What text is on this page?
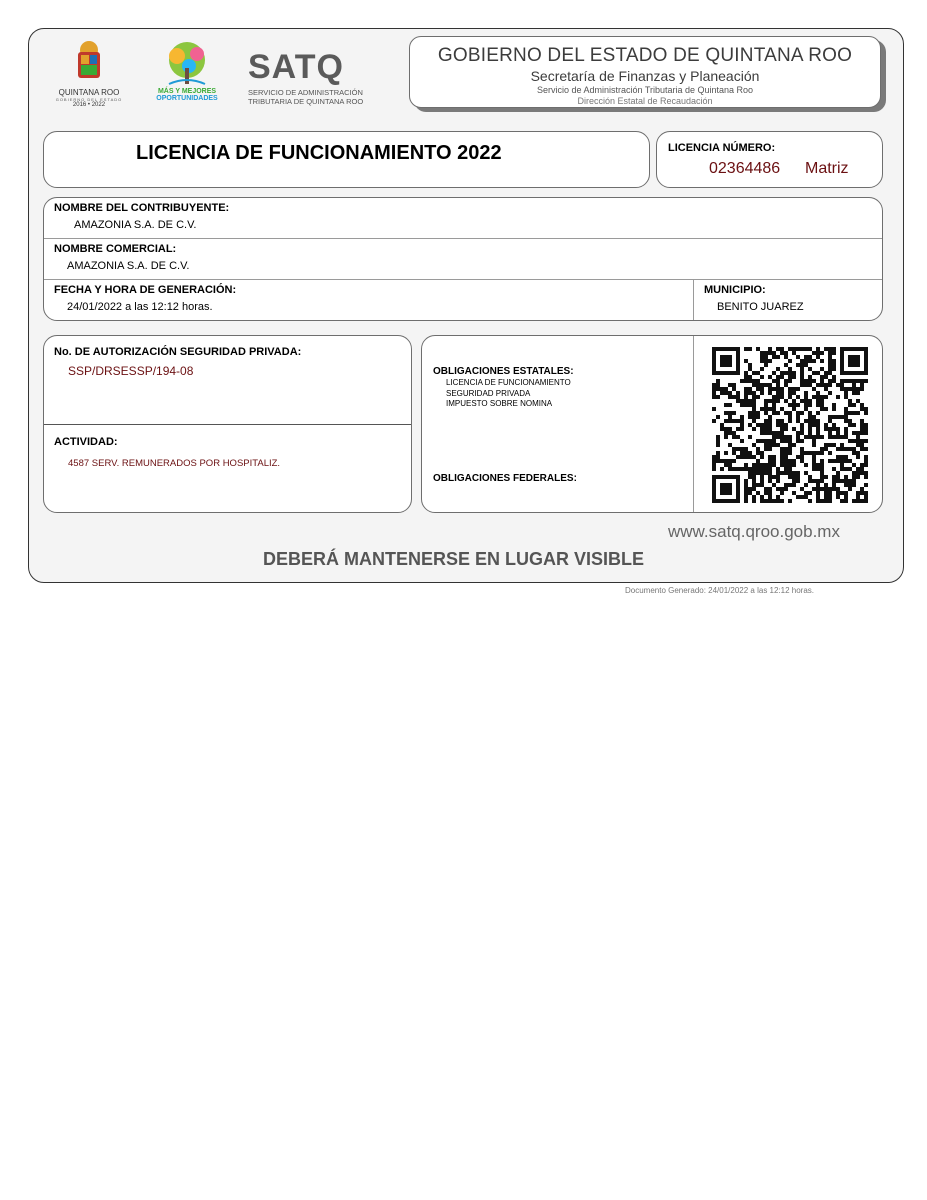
QUINTANA ROO
GOBIERNO DEL ESTADO
2016 • 2022
MÁS Y MEJORES
OPORTUNIDADES
SATQ
SERVICIO DE ADMINISTRACIÓN
TRIBUTARIA DE QUINTANA ROO
GOBIERNO DEL ESTADO DE QUINTANA ROO
Secretaría de Finanzas y Planeación
Servicio de Administración Tributaria de Quintana Roo
Dirección Estatal de Recaudación
LICENCIA DE FUNCIONAMIENTO 2022	LICENCIA NÚMERO:
02364486 Matriz
NOMBRE DEL CONTRIBUYENTE:
AMAZONIA S.A. DE C.V.
NOMBRE COMERCIAL:
AMAZONIA S.A. DE C.V.
FECHA Y HORA DE GENERACIÓN:
24/01/2022 a las 12:12 horas.
MUNICIPIO:
BENITO JUAREZ
No. DE AUTORIZACIÓN SEGURIDAD PRIVADA:
SSP/DRSESSP/194-08
ACTIVIDAD:
4587 SERV. REMUNERADOS POR HOSPITALIZ.
OBLIGACIONES ESTATALES:
LICENCIA DE FUNCIONAMIENTO
SEGURIDAD PRIVADA
IMPUESTO SOBRE NOMINA
OBLIGACIONES FEDERALES:
www.satq.qroo.gob.mx
DEBERÁ MANTENERSE EN LUGAR VISIBLE
Documento Generado: 24/01/2022 a las 12:12 horas.
